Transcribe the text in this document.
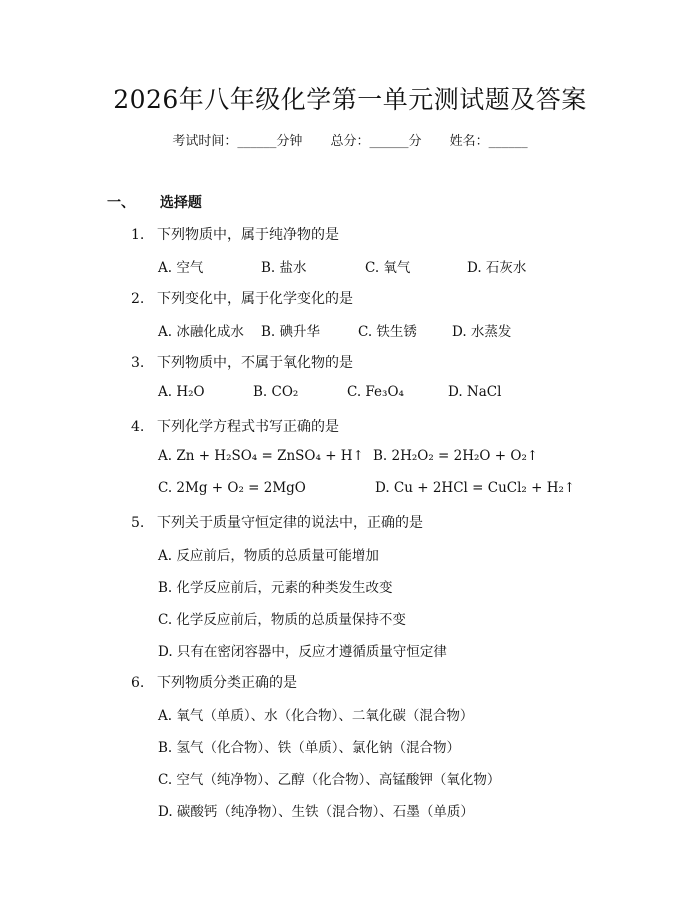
2026年八年级化学第一单元测试题及答案
考试时间：______分钟 总分：______分 姓名：______
一、 选择题
1. 下列物质中，属于纯净物的是
A. 空气	B. 盐水	C. 氧气	D. 石灰水
2. 下列变化中，属于化学变化的是
A. 冰融化成水 B. 碘升华	C. 铁生锈	D. 水蒸发
3. 下列物质中，不属于氧化物的是
A. H₂O	B. CO₂	C. Fe₃O₄	D. NaCl
4. 下列化学方程式书写正确的是
A. Zn + H₂SO₄ = ZnSO₄ + H↑ B. 2H₂O₂ = 2H₂O + O₂↑
C. 2Mg + O₂ = 2MgO	D. Cu + 2HCl = CuCl₂ + H₂↑
5. 下列关于质量守恒定律的说法中，正确的是
A. 反应前后，物质的总质量可能增加
B. 化学反应前后，元素的种类发生改变
C. 化学反应前后，物质的总质量保持不变
D. 只有在密闭容器中，反应才遵循质量守恒定律
6. 下列物质分类正确的是
A. 氧气（单质）、水（化合物）、二氧化碳（混合物）
B. 氢气（化合物）、铁（单质）、氯化钠（混合物）
C. 空气（纯净物）、乙醇（化合物）、高锰酸钾（氧化物）
D. 碳酸钙（纯净物）、生铁（混合物）、石墨（单质）
